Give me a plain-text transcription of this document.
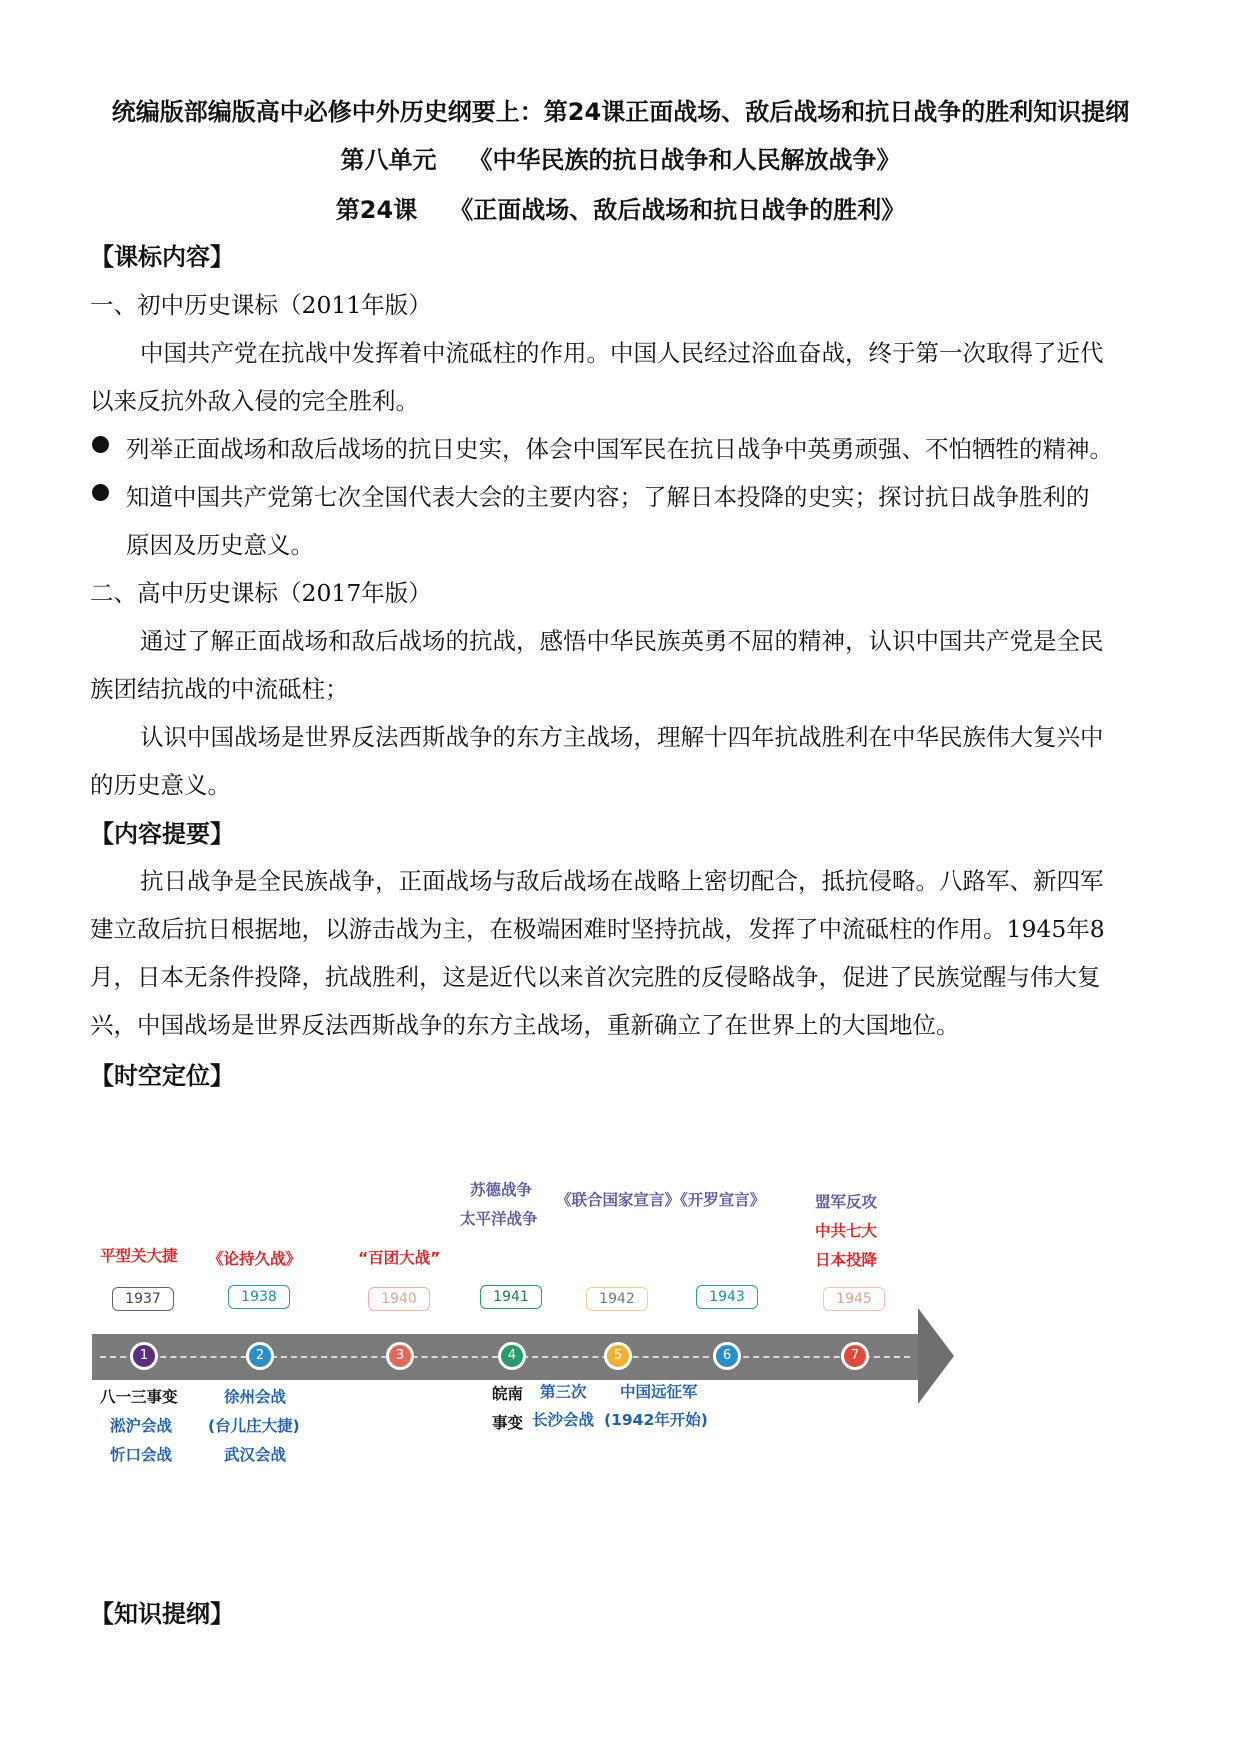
统编版部编版高中必修中外历史纲要上：第24课正面战场、敌后战场和抗日战争的胜利知识提纲
第八单元 《中华民族的抗日战争和人民解放战争》
第24课 《正面战场、敌后战场和抗日战争的胜利》
【课标内容】
一、初中历史课标（2011年版）
中国共产党在抗战中发挥着中流砥柱的作用。中国人民经过浴血奋战，终于第一次取得了近代
以来反抗外敌入侵的完全胜利。
列举正面战场和敌后战场的抗日史实，体会中国军民在抗日战争中英勇顽强、不怕牺牲的精神。
知道中国共产党第七次全国代表大会的主要内容；了解日本投降的史实；探讨抗日战争胜利的
原因及历史意义。
二、高中历史课标（2017年版）
通过了解正面战场和敌后战场的抗战，感悟中华民族英勇不屈的精神，认识中国共产党是全民
族团结抗战的中流砥柱；
认识中国战场是世界反法西斯战争的东方主战场，理解十四年抗战胜利在中华民族伟大复兴中
的历史意义。
【内容提要】
抗日战争是全民族战争，正面战场与敌后战场在战略上密切配合，抵抗侵略。八路军、新四军
建立敌后抗日根据地，以游击战为主，在极端困难时坚持抗战，发挥了中流砥柱的作用。1945年8
月，日本无条件投降，抗战胜利，这是近代以来首次完胜的反侵略战争，促进了民族觉醒与伟大复
兴，中国战场是世界反法西斯战争的东方主战场，重新确立了在世界上的大国地位。
【时空定位】
1	2	3	4	5	6	7
1937	1938	1940	1941	1942	1943	1945
平型关大捷 《论持久战》	“百团大战”
苏德战争
太平洋战争
《联合国家宣言》《开罗宣言》	盟军反攻
中共七大
日本投降
八一三事变
淞沪会战
忻口会战
徐州会战
(台儿庄大捷)
武汉会战
皖南
事变
第三次
长沙会战
中国远征军
(1942年开始)
【知识提纲】
